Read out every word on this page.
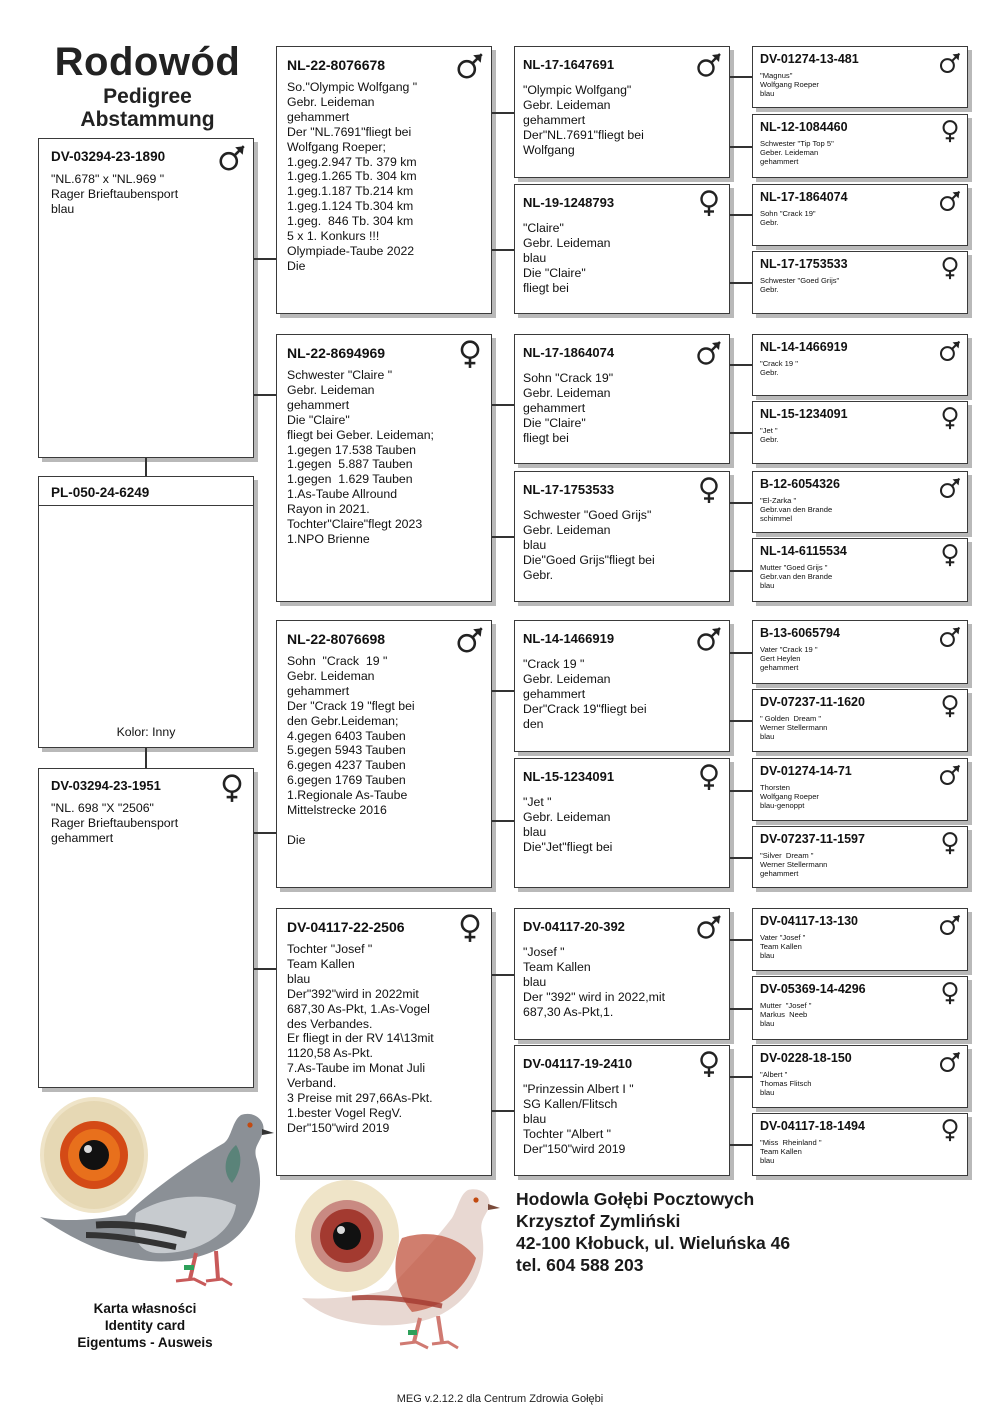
Rodowód
Pedigree
Abstammung
DV-03294-23-1890
"NL.678" x "NL.969 "
Rager Brieftaubensport
blau
PL-050-24-6249
Kolor: Inny
DV-03294-23-1951
"NL. 698 "X "2506"
Rager Brieftaubensport
gehammert
NL-22-8076678
So."Olympic Wolfgang "
Gebr. Leideman
gehammert
Der "NL.7691"fliegt bei
Wolfgang Roeper;
1.geg.2.947 Tb. 379 km
1.geg.1.265 Tb. 304 km
1.geg.1.187 Tb.214 km
1.geg.1.124 Tb.304 km
1.geg.  846 Tb. 304 km
5 x 1. Konkurs !!!
Olympiade-Taube 2022
Die
NL-22-8694969
Schwester "Claire "
Gebr. Leideman
gehammert
Die "Claire"
fliegt bei Geber. Leideman;
1.gegen 17.538 Tauben
1.gegen  5.887 Tauben
1.gegen  1.629 Tauben
1.As-Taube Allround
Rayon in 2021.
Tochter"Claire"flegt 2023
1.NPO Brienne
NL-22-8076698
Sohn  "Crack  19 "
Gebr. Leideman
gehammert
Der "Crack 19 "flegt bei
den Gebr.Leideman;
4.gegen 6403 Tauben
5.gegen 5943 Tauben
6.gegen 4237 Tauben
6.gegen 1769 Tauben
1.Regionale As-Taube
Mittelstrecke 2016

Die
DV-04117-22-2506
Tochter "Josef "
Team Kallen
blau
Der"392"wird in 2022mit
687,30 As-Pkt, 1.As-Vogel
des Verbandes.
Er fliegt in der RV 14\13mit
1120,58 As-Pkt.
7.As-Taube im Monat Juli
Verband.
3 Preise mit 297,66As-Pkt.
1.bester Vogel RegV.
Der"150"wird 2019
NL-17-1647691
"Olympic Wolfgang"
Gebr. Leideman
gehammert
Der"NL.7691"fliegt bei
Wolfgang
NL-19-1248793
"Claire"
Gebr. Leideman
blau
Die "Claire"
fliegt bei
NL-17-1864074
Sohn "Crack 19"
Gebr. Leideman
gehammert
Die "Claire"
fliegt bei
NL-17-1753533
Schwester "Goed Grijs"
Gebr. Leideman
blau
Die"Goed Grijs"fliegt bei
Gebr.
NL-14-1466919
"Crack 19 "
Gebr. Leideman
gehammert
Der"Crack 19"fliegt bei
den
NL-15-1234091
"Jet "
Gebr. Leideman
blau
Die"Jet"fliegt bei
DV-04117-20-392
"Josef "
Team Kallen
blau
Der "392" wird in 2022,mit
687,30 As-Pkt,1.
DV-04117-19-2410
"Prinzessin Albert I "
SG Kallen/Flitsch
blau
Tochter "Albert "
Der"150"wird 2019
DV-01274-13-481
"Magnus"
Wolfgang Roeper
blau
NL-12-1084460
Schwester "Tip Top 5"
Geber. Leideman
gehammert
NL-17-1864074
Sohn "Crack 19"
Gebr.
NL-17-1753533
Schwester "Goed Grijs"
Gebr.
NL-14-1466919
"Crack 19 "
Gebr.
NL-15-1234091
"Jet "
Gebr.
B-12-6054326
"El-Zarka "
Gebr.van den Brande
schimmel
NL-14-6115534
Mutter "Goed Grijs "
Gebr.van den Brande
blau
B-13-6065794
Vater "Crack 19 "
Gert Heylen
gehammert
DV-07237-11-1620
" Golden  Dream "
Werner Stellermann
blau
DV-01274-14-71
Thorsten
Wolfgang Roeper
blau-genoppt
DV-07237-11-1597
"Silver  Dream "
Werner Stellermann
gehammert
DV-04117-13-130
Vater "Josef "
Team Kallen
blau
DV-05369-14-4296
Mutter  "Josef "
Markus  Neeb
blau
DV-0228-18-150
"Albert "
Thomas Flitsch
blau
DV-04117-18-1494
"Miss  Rheinland "
Team Kallen
blau
Karta własności
Identity card
Eigentums - Ausweis
Hodowla Gołębi Pocztowych
Krzysztof Zymliński
42-100 Kłobuck, ul. Wieluńska 46
tel. 604 588 203
MEG v.2.12.2 dla Centrum Zdrowia Gołębi
